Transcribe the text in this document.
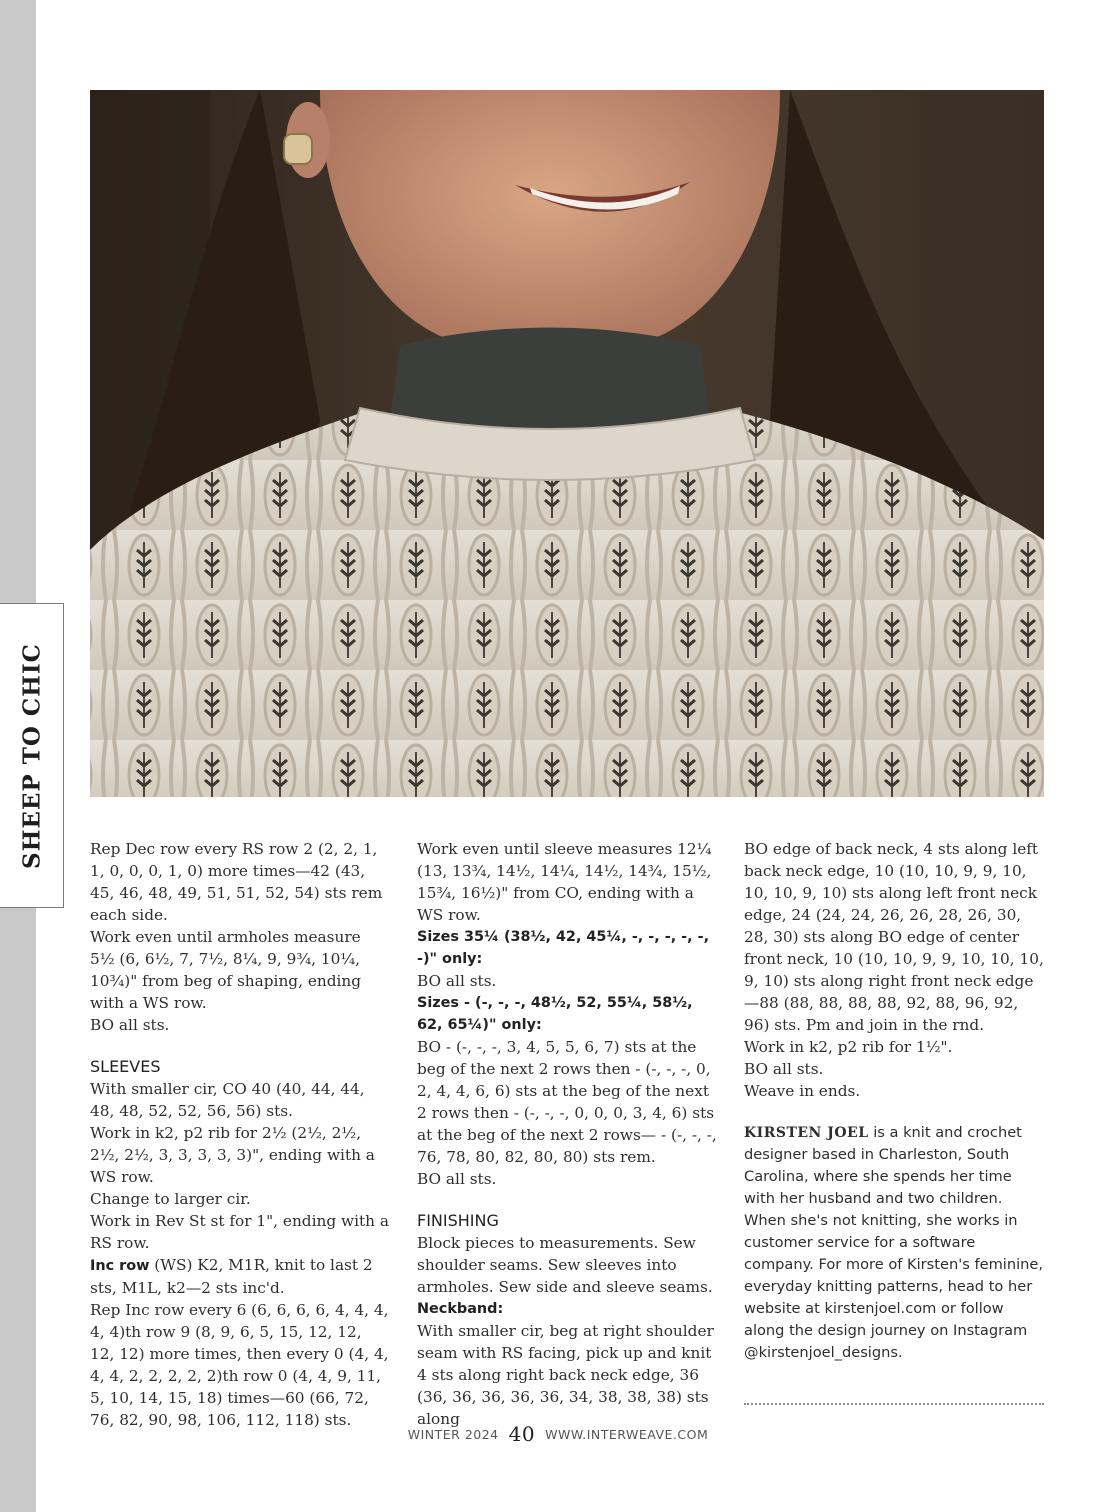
SHEEP TO CHIC	Rep Dec row every RS row 2 (2, 2, 1, 1, 0, 0, 0, 1, 0) more times—42 (43, 45, 46, 48, 49, 51, 51, 52, 54) sts rem each side.

Work even until armholes measure 5½ (6, 6½, 7, 7½, 8¼, 9, 9¾, 10¼, 10¾)" from beg of shaping, ending with a WS row.

BO all sts.

SLEEVES

With smaller cir, CO 40 (40, 44, 44, 48, 48, 52, 52, 56, 56) sts.

Work in k2, p2 rib for 2½ (2½, 2½, 2½, 2½, 3, 3, 3, 3, 3)", ending with a WS row.

Change to larger cir.

Work in Rev St st for 1", ending with a RS row.

Inc row (WS) K2, M1R, knit to last 2 sts, M1L, k2—2 sts inc'd.

Rep Inc row every 6 (6, 6, 6, 6, 4, 4, 4, 4, 4)th row 9 (8, 9, 6, 5, 15, 12, 12, 12, 12) more times, then every 0 (4, 4, 4, 4, 2, 2, 2, 2, 2)th row 0 (4, 4, 9, 11, 5, 10, 14, 15, 18) times—60 (66, 72, 76, 82, 90, 98, 106, 112, 118) sts.

Work even until sleeve measures 12¼ (13, 13¾, 14½, 14¼, 14½, 14¾, 15½, 15¾, 16½)" from CO, ending with a WS row.

Sizes 35¼ (38½, 42, 45¼, -, -, -, -, -, -)" only:

BO all sts.

Sizes - (-, -, -, 48½, 52, 55¼, 58½, 62, 65¼)" only:

BO - (-, -, -, 3, 4, 5, 5, 6, 7) sts at the beg of the next 2 rows then - (-, -, -, 0, 2, 4, 4, 6, 6) sts at the beg of the next 2 rows then - (-, -, -, 0, 0, 0, 3, 4, 6) sts at the beg of the next 2 rows— - (-, -, -, 76, 78, 80, 82, 80, 80) sts rem.

BO all sts.

FINISHING

Block pieces to measurements. Sew shoulder seams. Sew sleeves into armholes. Sew side and sleeve seams.

Neckband:

With smaller cir, beg at right shoulder seam with RS facing, pick up and knit 4 sts along right back neck edge, 36 (36, 36, 36, 36, 36, 34, 38, 38, 38) sts along

BO edge of back neck, 4 sts along left back neck edge, 10 (10, 10, 9, 9, 10, 10, 10, 9, 10) sts along left front neck edge, 24 (24, 24, 26, 26, 28, 26, 30, 28, 30) sts along BO edge of center front neck, 10 (10, 10, 9, 9, 10, 10, 10, 9, 10) sts along right front neck edge—88 (88, 88, 88, 88, 92, 88, 96, 92, 96) sts. Pm and join in the rnd.

Work in k2, p2 rib for 1½".

BO all sts.

Weave in ends.

KIRSTEN JOEL is a knit and crochet designer based in Charleston, South Carolina, where she spends her time with her husband and two children. When she's not knitting, she works in customer service for a software company. For more of Kirsten's feminine, everyday knitting patterns, head to her website at kirstenjoel.com or follow along the design journey on Instagram @kirstenjoel_designs.

WINTER 2024 40 WWW.INTERWEAVE.COM
